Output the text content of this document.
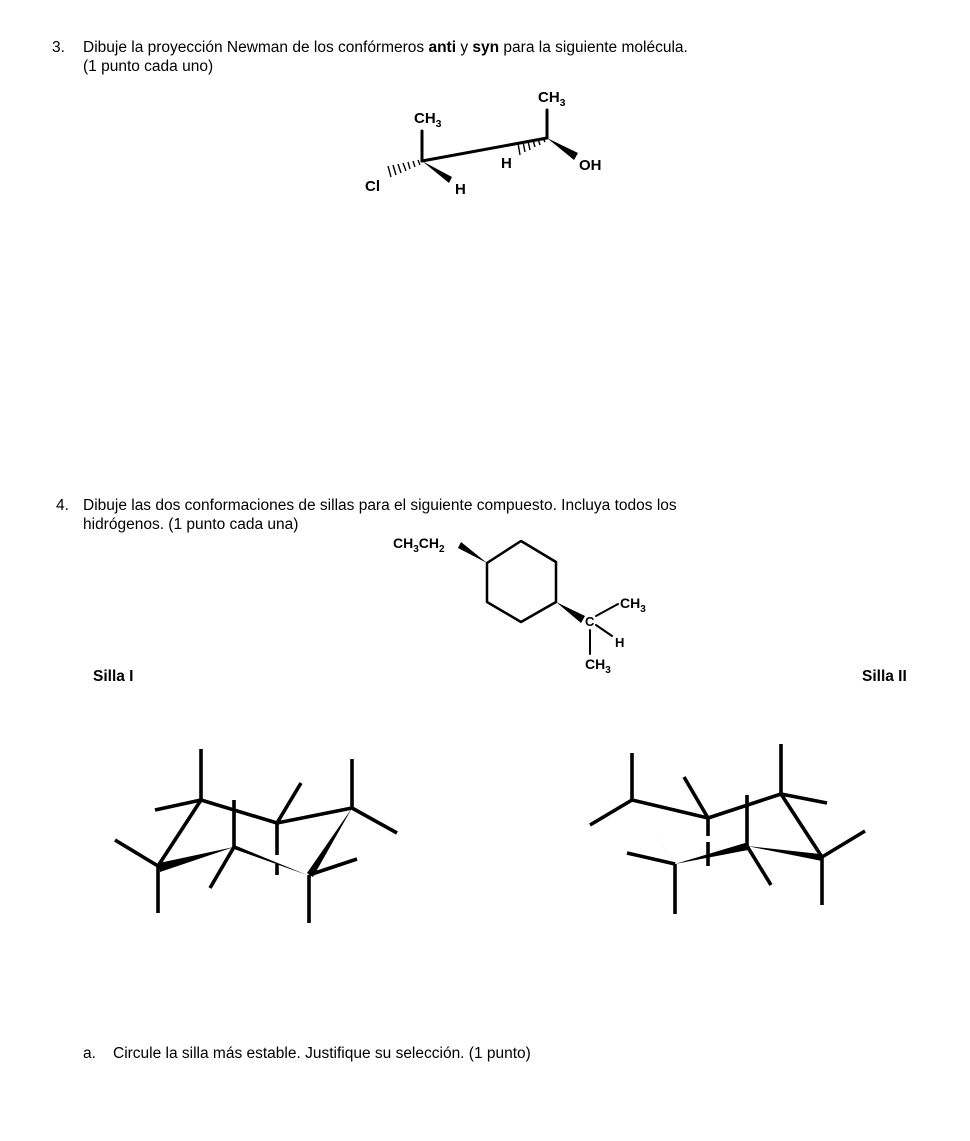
3. Dibuje la proyección Newman de los confórmeros anti y syn para la siguiente molécula.
(1 punto cada uno)
$CH_3$
$CH_3$
Cl	H
H	OH
4. Dibuje las dos conformaciones de sillas para el siguiente compuesto. Incluya todos los
hidrógenos. (1 punto cada una)
$CH_3CH_2$
C
$CH_3$
H
$CH_3$
Silla I	Silla II
a. Circule la silla más estable. Justifique su selección. (1 punto)
